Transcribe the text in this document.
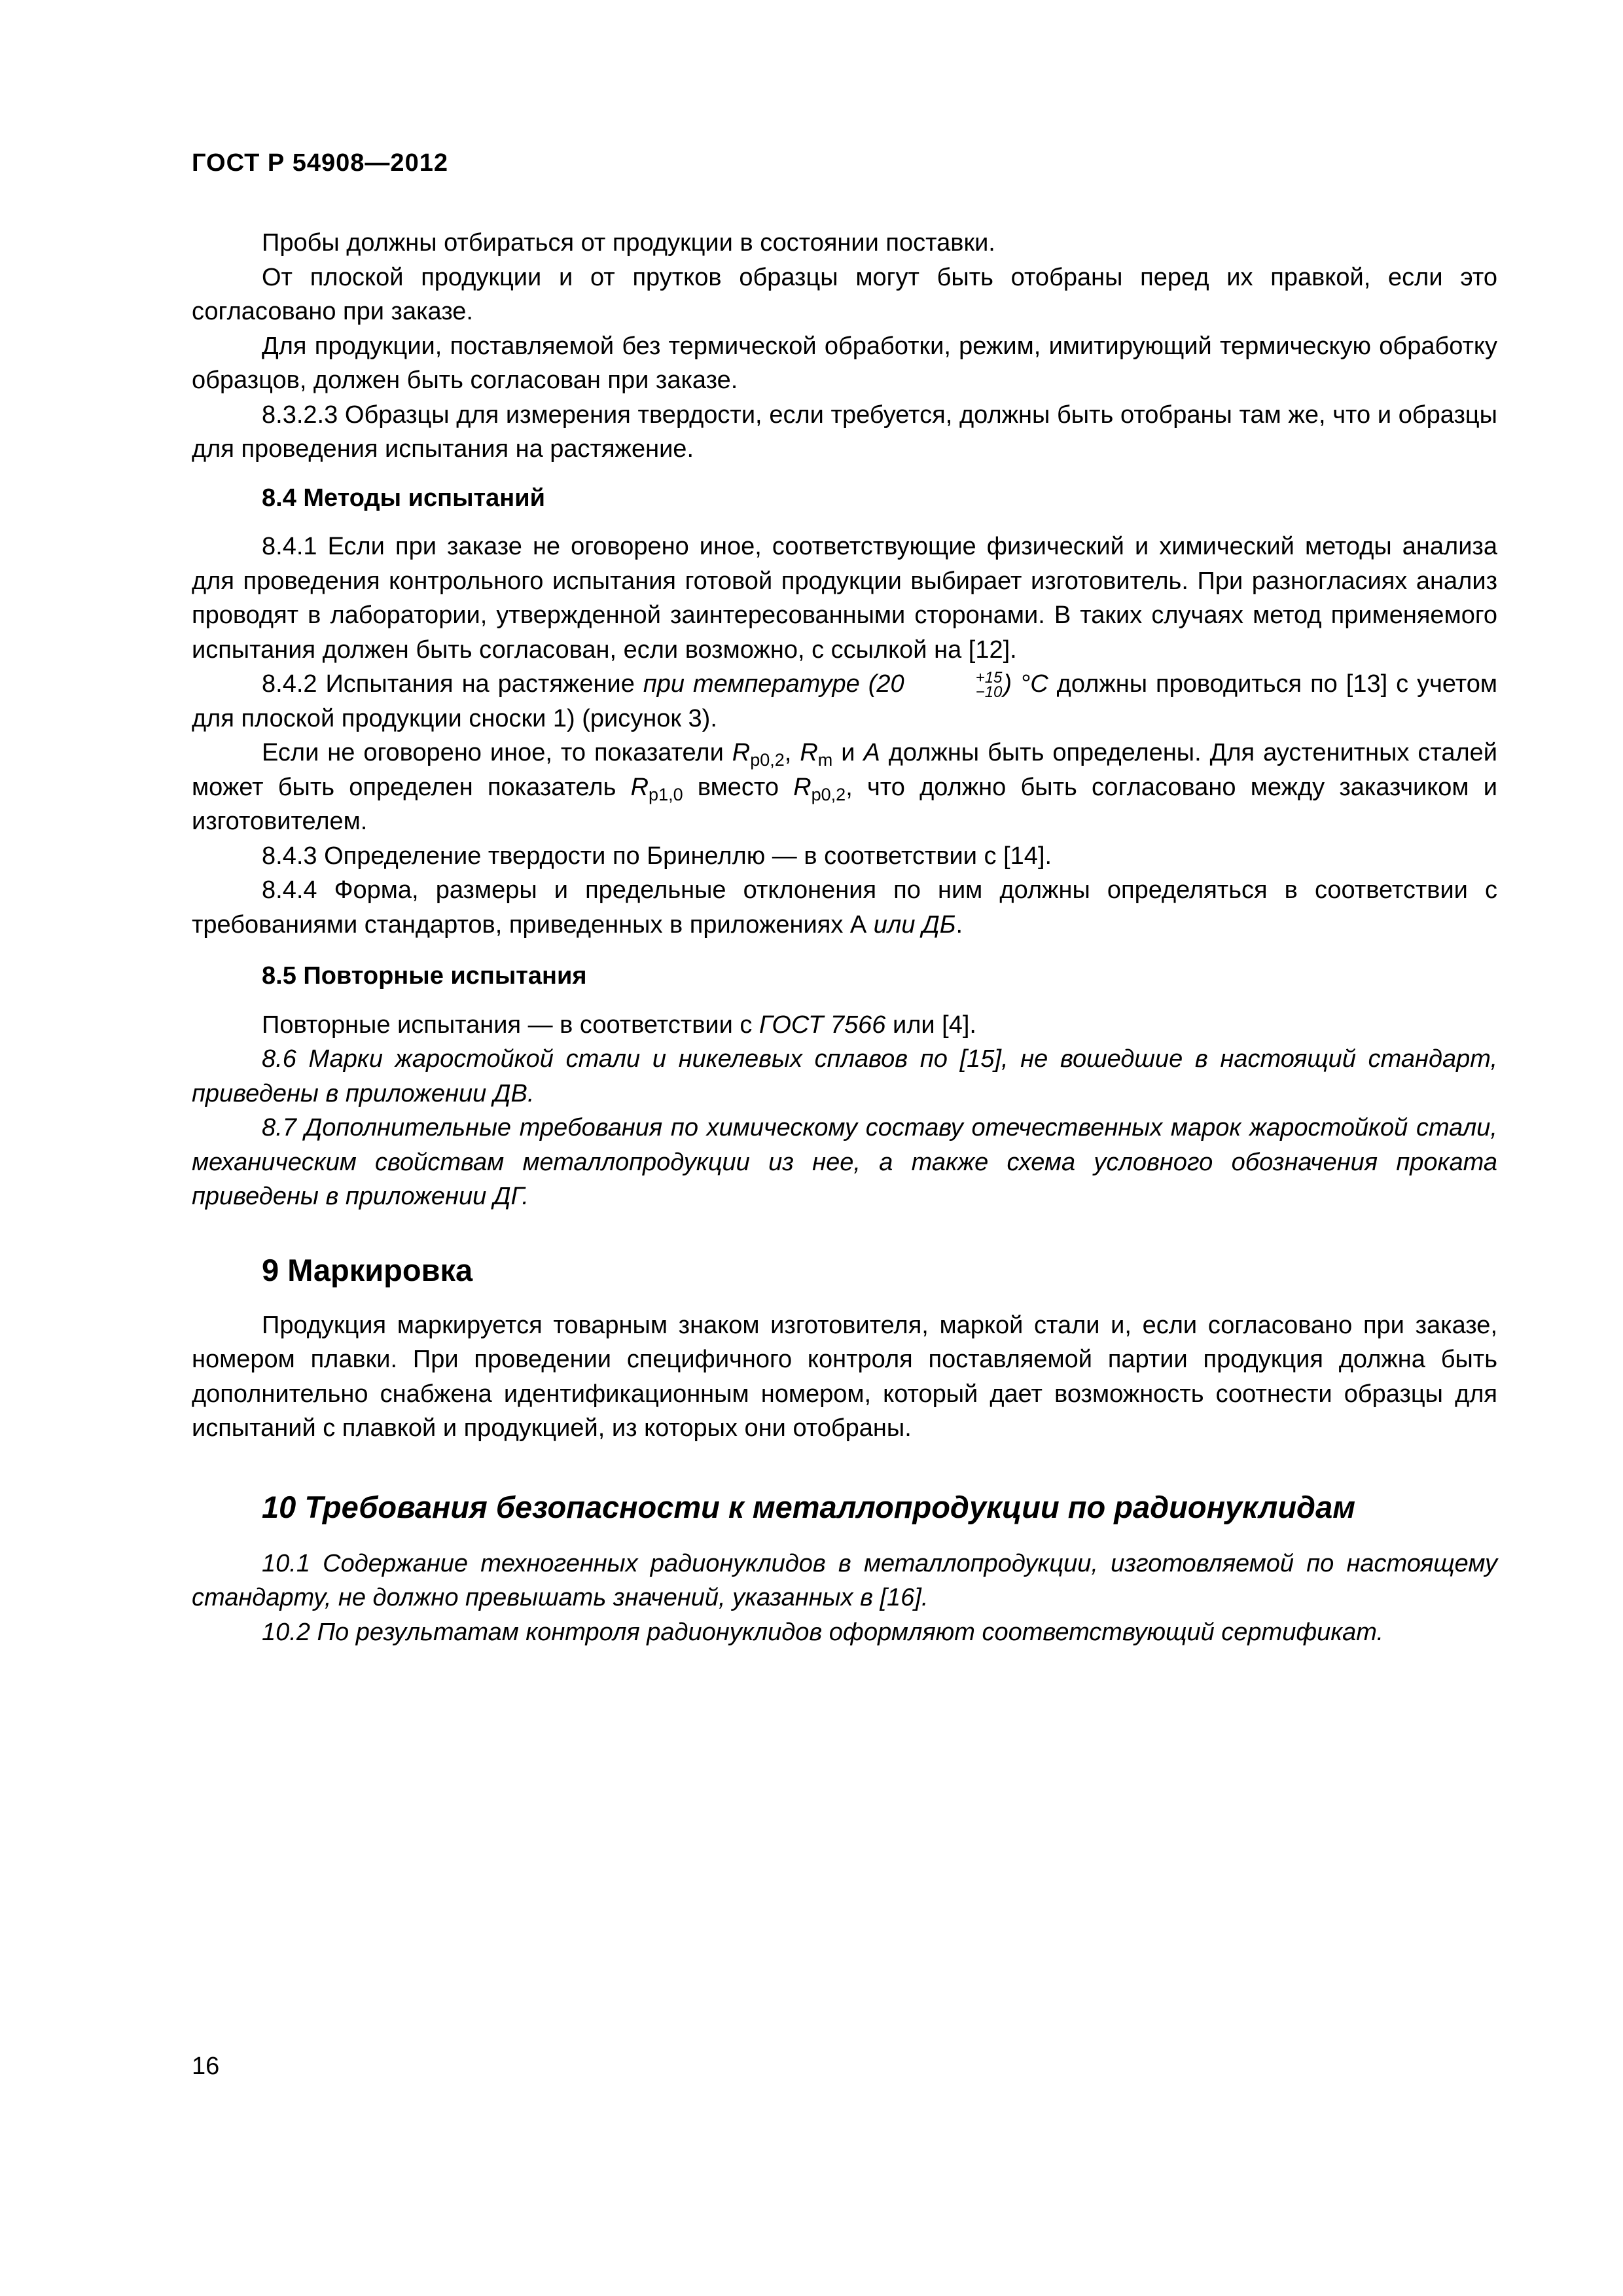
ГОСТ Р 54908—2012

Пробы должны отбираться от продукции в состоянии поставки.

От плоской продукции и от прутков образцы могут быть отобраны перед их правкой, если это согласовано при заказе.

Для продукции, поставляемой без термической обработки, режим, имитирующий термическую обработку образцов, должен быть согласован при заказе.

8.3.2.3 Образцы для измерения твердости, если требуется, должны быть отобраны там же, что и образцы для проведения испытания на растяжение.

8.4 Методы испытаний

8.4.1 Если при заказе не оговорено иное, соответствующие физический и химический методы анализа для проведения контрольного испытания готовой продукции выбирает изготовитель. При разногласиях анализ проводят в лаборатории, утвержденной заинтересованными сторонами. В таких случаях метод применяемого испытания должен быть согласован, если возможно, с ссылкой на [12].

8.4.2 Испытания на растяжение при температуре (20	+15
−10 ) °С должны проводиться по [13] с учетом для плоской продукции сноски 1) (рисунок 3).

Если не оговорено иное, то показатели $R_{p0,2}$, $R_m$ и A должны быть определены. Для аустенитных сталей может быть определен показатель $R_{p1,0}$ вместо $R_{p0,2}$, что должно быть согласовано между заказчиком и изготовителем.

8.4.3 Определение твердости по Бринеллю — в соответствии с [14].

8.4.4 Форма, размеры и предельные отклонения по ним должны определяться в соответствии с требованиями стандартов, приведенных в приложениях А или ДБ.

8.5 Повторные испытания

Повторные испытания — в соответствии с ГОСТ 7566 или [4].

8.6 Марки жаростойкой стали и никелевых сплавов по [15], не вошедшие в настоящий стандарт, приведены в приложении ДВ.

8.7 Дополнительные требования по химическому составу отечественных марок жаростойкой стали, механическим свойствам металлопродукции из нее, а также схема условного обозначения проката приведены в приложении ДГ.

9 Маркировка

Продукция маркируется товарным знаком изготовителя, маркой стали и, если согласовано при заказе, номером плавки. При проведении специфичного контроля поставляемой партии продукция должна быть дополнительно снабжена идентификационным номером, который дает возможность соотнести образцы для испытаний с плавкой и продукцией, из которых они отобраны.

10 Требования безопасности к металлопродукции по радионуклидам

10.1 Содержание техногенных радионуклидов в металлопродукции, изготовляемой по настоящему стандарту, не должно превышать значений, указанных в [16].

10.2 По результатам контроля радионуклидов оформляют соответствующий сертификат.

16
